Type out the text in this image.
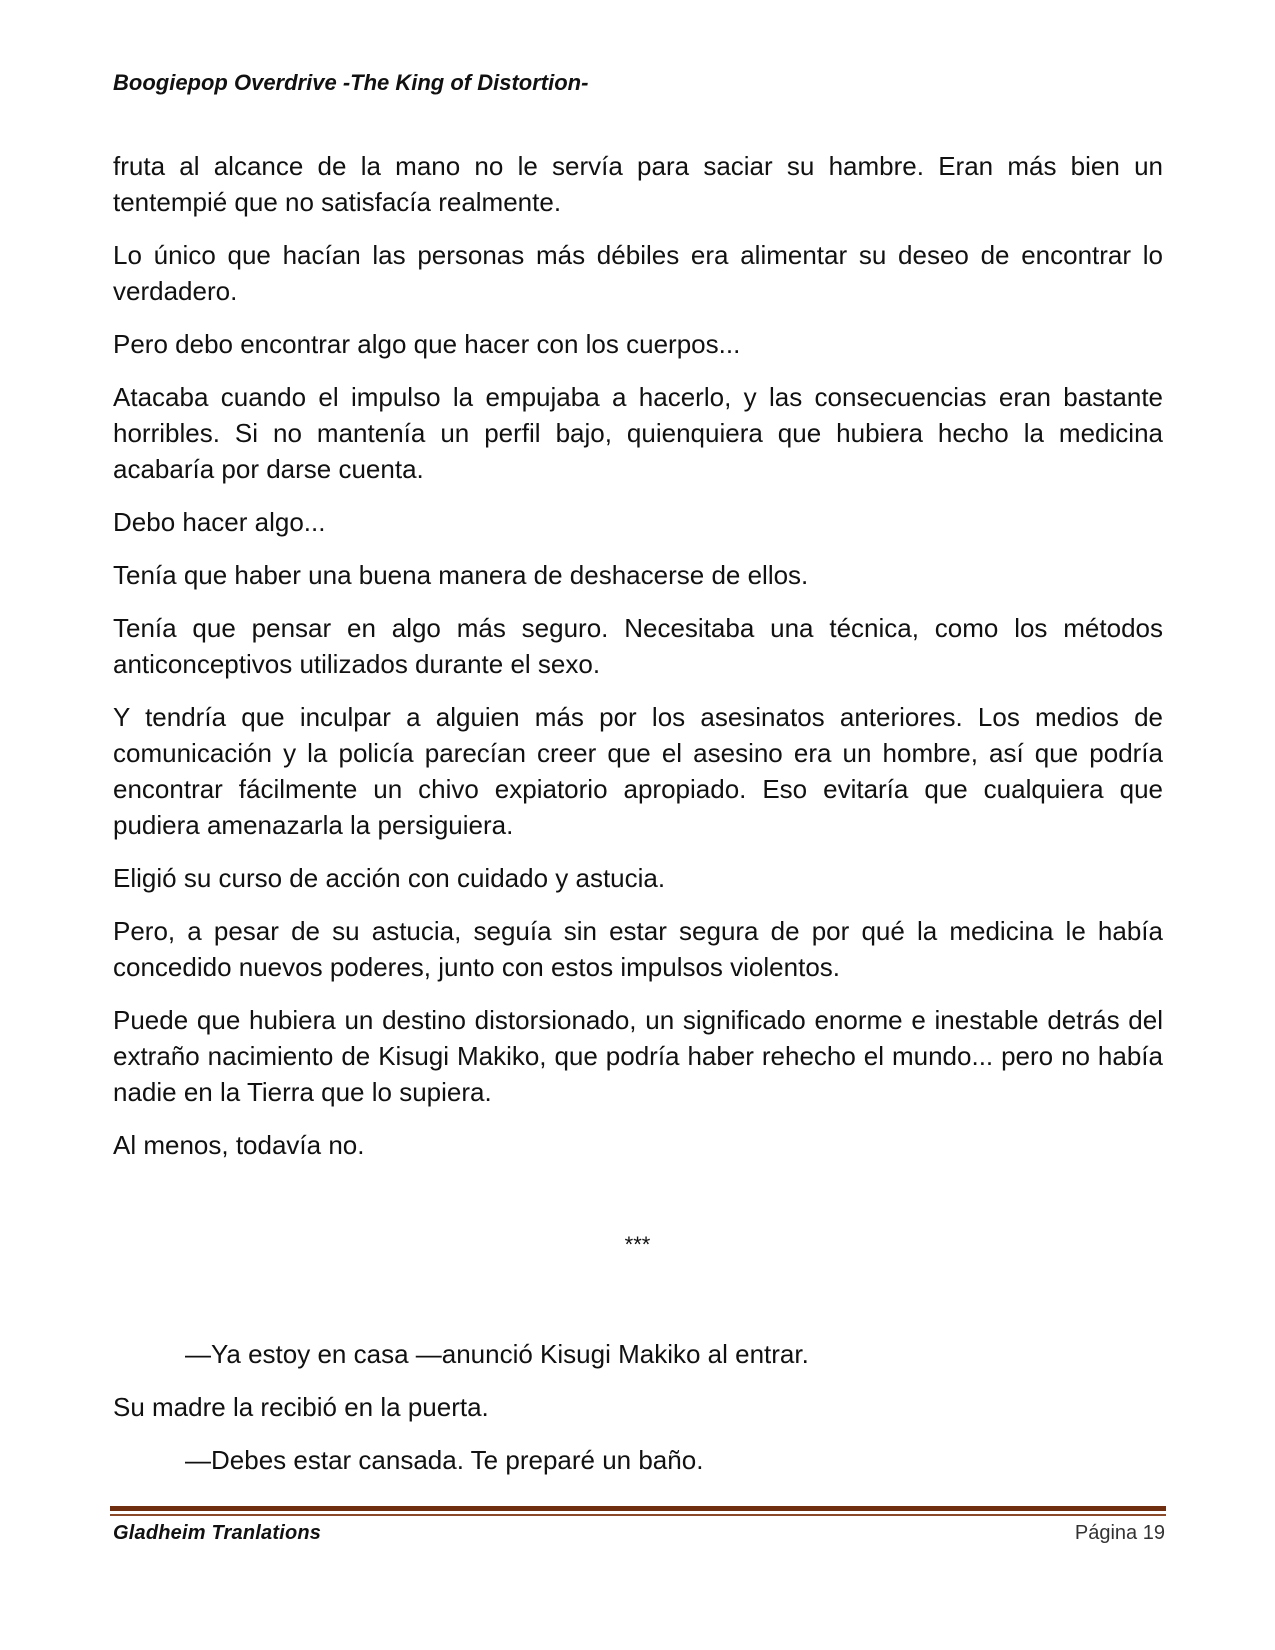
Boogiepop Overdrive -The King of Distortion-

fruta al alcance de la mano no le servía para saciar su hambre. Eran más bien un tentempié que no satisfacía realmente.

Lo único que hacían las personas más débiles era alimentar su deseo de encontrar lo verdadero.

Pero debo encontrar algo que hacer con los cuerpos...

Atacaba cuando el impulso la empujaba a hacerlo, y las consecuencias eran bastante horribles. Si no mantenía un perfil bajo, quienquiera que hubiera hecho la medicina acabaría por darse cuenta.

Debo hacer algo...

Tenía que haber una buena manera de deshacerse de ellos.

Tenía que pensar en algo más seguro. Necesitaba una técnica, como los métodos anticonceptivos utilizados durante el sexo.

Y tendría que inculpar a alguien más por los asesinatos anteriores. Los medios de comunicación y la policía parecían creer que el asesino era un hombre, así que podría encontrar fácilmente un chivo expiatorio apropiado. Eso evitaría que cualquiera que pudiera amenazarla la persiguiera.

Eligió su curso de acción con cuidado y astucia.

Pero, a pesar de su astucia, seguía sin estar segura de por qué la medicina le había concedido nuevos poderes, junto con estos impulsos violentos.

Puede que hubiera un destino distorsionado, un significado enorme e inestable detrás del extraño nacimiento de Kisugi Makiko, que podría haber rehecho el mundo... pero no había nadie en la Tierra que lo supiera.

Al menos, todavía no.

***

—Ya estoy en casa —anunció Kisugi Makiko al entrar.

Su madre la recibió en la puerta.

—Debes estar cansada. Te preparé un baño.

Gladheim Tranlations	Página 19
